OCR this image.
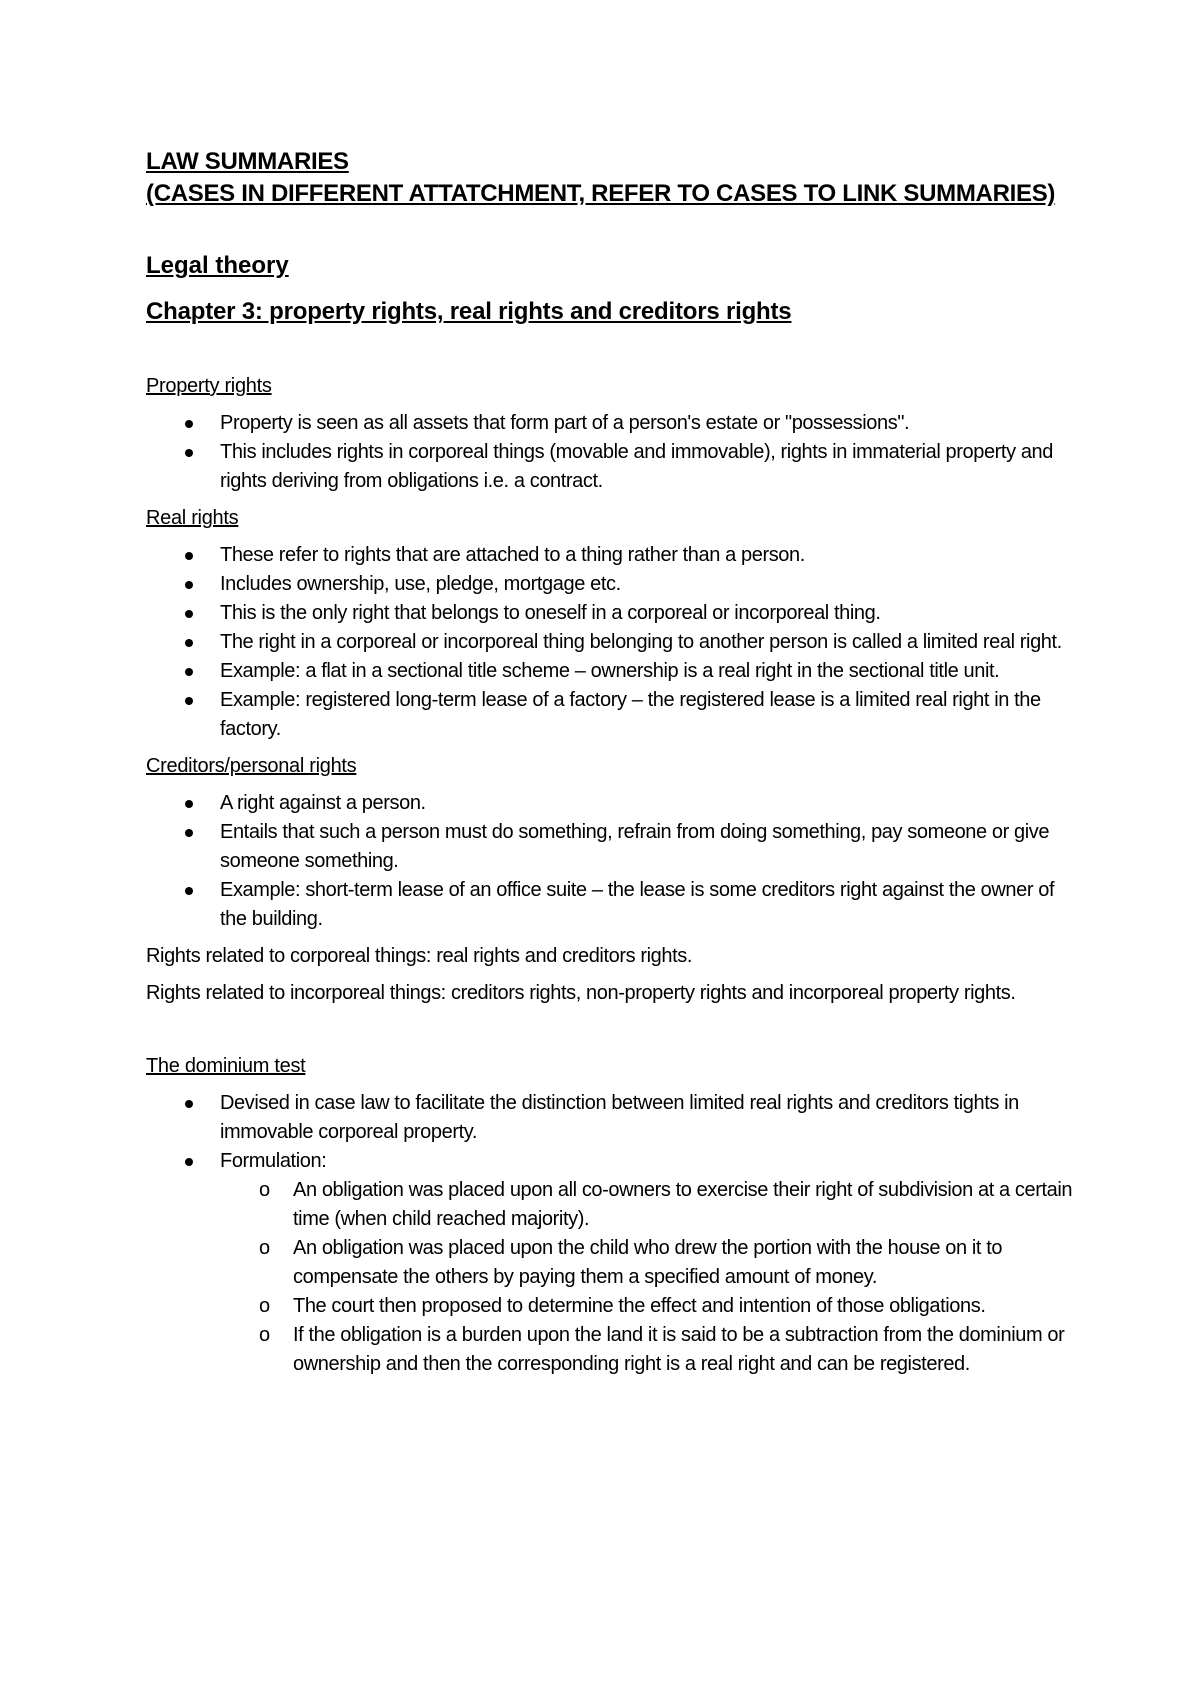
LAW SUMMARIES

(CASES IN DIFFERENT ATTATCHMENT, REFER TO CASES TO LINK SUMMARIES)

Legal theory

Chapter 3: property rights, real rights and creditors rights

Property rights

Property is seen as all assets that form part of a person's estate or "possessions".
This includes rights in corporeal things (movable and immovable), rights in immaterial property and rights deriving from obligations i.e. a contract.

Real rights

These refer to rights that are attached to a thing rather than a person.
Includes ownership, use, pledge, mortgage etc.
This is the only right that belongs to oneself in a corporeal or incorporeal thing.
The right in a corporeal or incorporeal thing belonging to another person is called a limited real right.
Example: a flat in a sectional title scheme – ownership is a real right in the sectional title unit.
Example: registered long-term lease of a factory – the registered lease is a limited real right in the factory.

Creditors/personal rights

A right against a person.
Entails that such a person must do something, refrain from doing something, pay someone or give someone something.
Example: short-term lease of an office suite – the lease is some creditors right against the owner of the building.

Rights related to corporeal things: real rights and creditors rights.

Rights related to incorporeal things: creditors rights, non-property rights and incorporeal property rights.

The dominium test

Devised in case law to facilitate the distinction between limited real rights and creditors tights in immovable corporeal property.
Formulation:
o An obligation was placed upon all co-owners to exercise their right of subdivision at a certain time (when child reached majority).
o An obligation was placed upon the child who drew the portion with the house on it to compensate the others by paying them a specified amount of money.
o The court then proposed to determine the effect and intention of those obligations.
o If the obligation is a burden upon the land it is said to be a subtraction from the dominium or ownership and then the corresponding right is a real right and can be registered.
